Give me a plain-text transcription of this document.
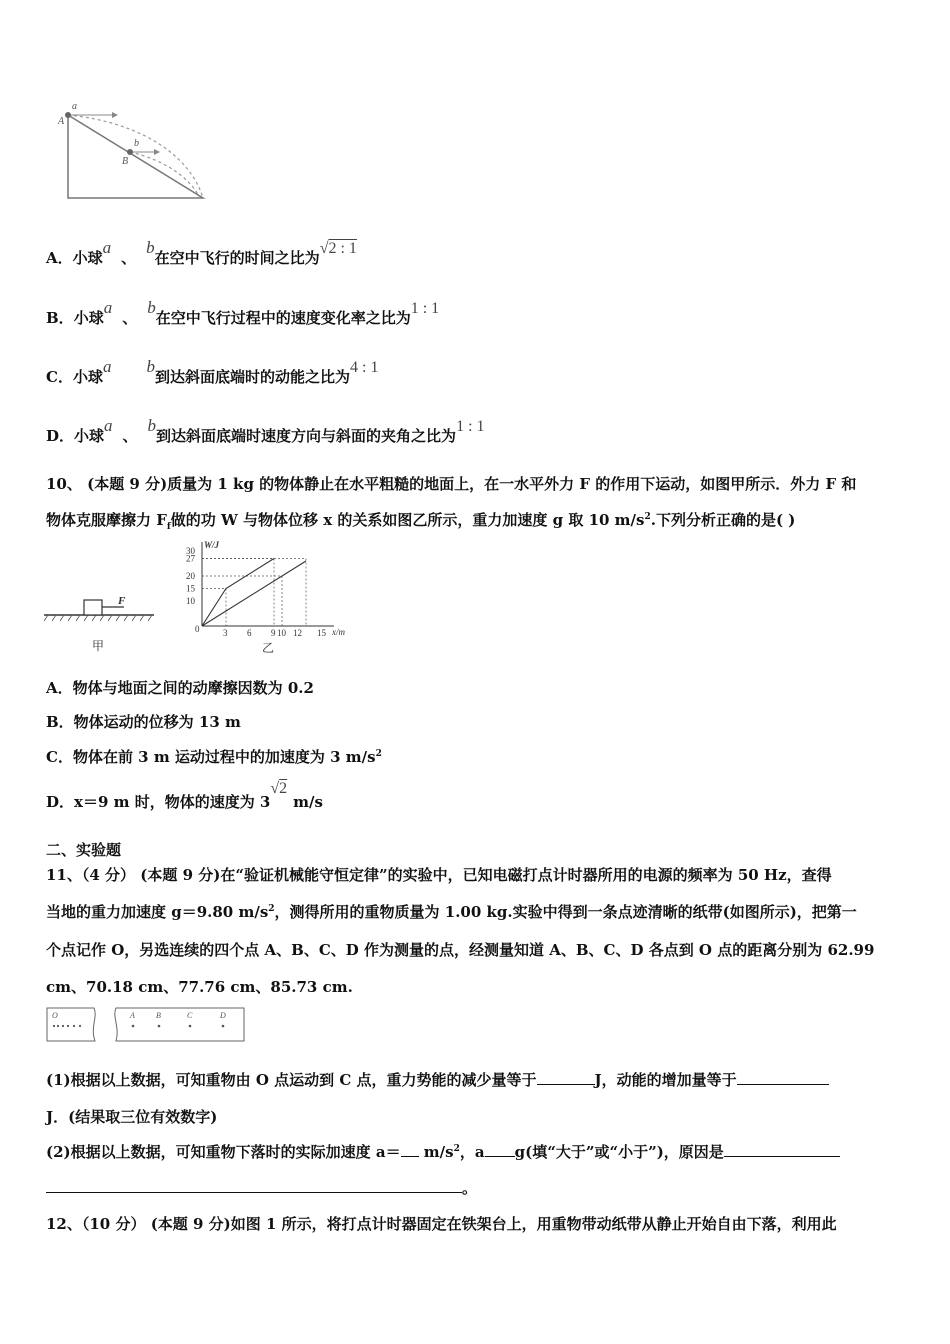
a
A
b
B
A．小球a、b在空中飞行的时间之比为√2 : 1
B．小球a、b在空中飞行过程中的速度变化率之比为1 : 1
C．小球a b到达斜面底端时的动能之比为4 : 1
D．小球a、b到达斜面底端时速度方向与斜面的夹角之比为1 : 1
10、 (本题 9 分)质量为 1 kg 的物体静止在水平粗糙的地面上，在一水平外力 F 的作用下运动，如图甲所示．外力 F 和
物体克服摩擦力 $F_f$做的功 W 与物体位移 x 的关系如图乙所示，重力加速度 g 取 10 $m/s^2$.下列分析正确的是( )
F
甲
3 6 9 10 12 15
10
15
20
27
30
W/J
x/m
0
乙
A．物体与地面之间的动摩擦因数为 0.2
B．物体运动的位移为 13 m
C．物体在前 3 m 运动过程中的加速度为 3 $m/s^2$
D．x＝9 m 时，物体的速度为 3√2m/s
二、实验题
11、（4 分） (本题 9 分)在“验证机械能守恒定律”的实验中，已知电磁打点计时器所用的电源的频率为 50 Hz，查得
当地的重力加速度 g＝9.80 $m/s^2$，测得所用的重物质量为 1.00 kg.实验中得到一条点迹清晰的纸带(如图所示)，把第一
个点记作 O，另选连续的四个点 A、B、C、D 作为测量的点，经测量知道 A、B、C、D 各点到 O 点的距离分别为 62.99
cm、70.18 cm、77.76 cm、85.73 cm.
O	A	B	C	D
(1)根据以上数据，可知重物由 O 点运动到 C 点，重力势能的减少量等于	J，动能的增加量等于
J．(结果取三位有效数字)
(2)根据以上数据，可知重物下落时的实际加速度 $a= m/s^2$，a g(填“大于”或“小于”)，原因是
。
12、（10 分） (本题 9 分)如图 1 所示，将打点计时器固定在铁架台上，用重物带动纸带从静止开始自由下落，利用此
